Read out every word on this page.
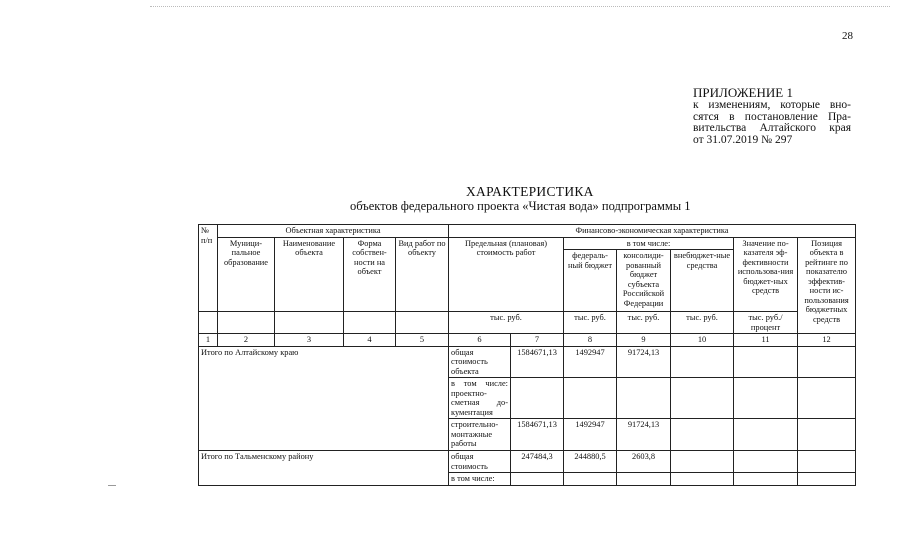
28
ПРИЛОЖЕНИЕ 1
к изменениям, которые вно-
сятся в постановление Пра-
вительства Алтайского края
от 31.07.2019 № 297
ХАРАКТЕРИСТИКА
объектов федерального проекта «Чистая вода» подпрограммы 1
№ п/п	Объектная характеристика				Финансово-экономическая характеристика						
	Муници-пальное образование	Наименование объекта	Форма собствен-ности на объект	Вид работ по объекту	Предельная (плановая) стоимость работ		в том числе:			Значение по-казателя эф-фективности использова-ния бюджет-ных средств	Позиция объекта в рейтинге по показателю эффектив-ности ис-пользования бюджетных средств
							федераль-ный бюджет	консолиди-рованный бюджет субъекта Российской Федерации	внебюджет-ные средства		
					тыс. руб.		тыс. руб.	тыс. руб.	тыс. руб.	тыс. руб./ процент	
1	2	3	4	5	6	7	8	9	10	11	12
Итого по Алтайскому краю					общая стоимость объекта	1584671,13	1492947	91724,13			
					в том числе: проектно-сметная до-кументация						
					строительно-монтажные работы	1584671,13	1492947	91724,13			
Итого по Тальменскому району					общая стоимость	247484,3	244880,5	2603,8			
					в том числе:						
